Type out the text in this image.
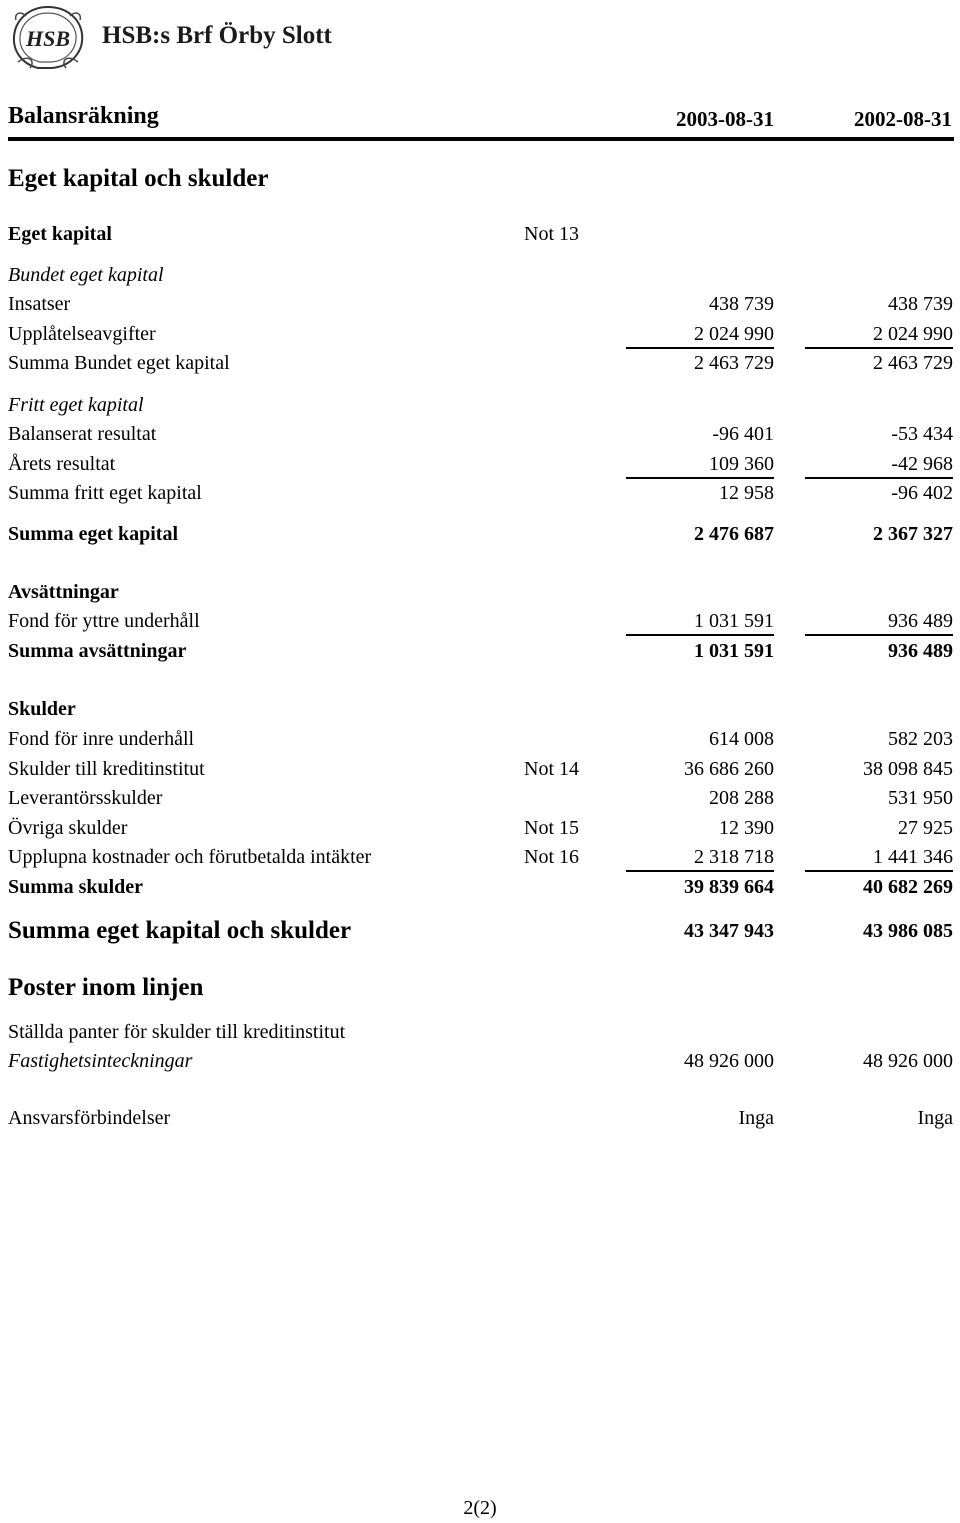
HSB HSB:s Brf Örby Slott
Balansräkning	2003-08-31	2002-08-31
Eget kapital och skulder
Eget kapital	Not 13
Bundet eget kapital
Insatser	438 739	438 739
Upplåtelseavgifter	2 024 990	2 024 990
Summa Bundet eget kapital	2 463 729	2 463 729
Fritt eget kapital
Balanserat resultat	-96 401	-53 434
Årets resultat	109 360	-42 968
Summa fritt eget kapital	12 958	-96 402
Summa eget kapital	2 476 687	2 367 327
Avsättningar
Fond för yttre underhåll	1 031 591	936 489
Summa avsättningar	1 031 591	936 489
Skulder
Fond för inre underhåll	614 008	582 203
Skulder till kreditinstitut	Not 14	36 686 260	38 098 845
Leverantörsskulder	208 288	531 950
Övriga skulder	Not 15	12 390	27 925
Upplupna kostnader och förutbetalda intäkter	Not 16	2 318 718	1 441 346
Summa skulder	39 839 664	40 682 269
Summa eget kapital och skulder	43 347 943	43 986 085
Poster inom linjen
Ställda panter för skulder till kreditinstitut
Fastighetsinteckningar	48 926 000	48 926 000
Ansvarsförbindelser	Inga	Inga
2(2)
